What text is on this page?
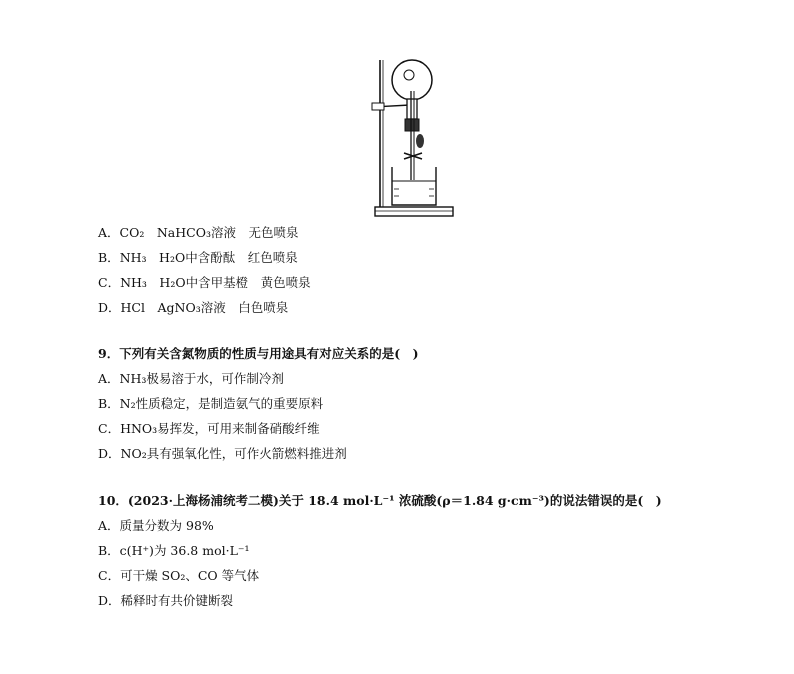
A．CO₂　NaHCO₃溶液　无色喷泉
B．NH₃　H₂O中含酚酞　红色喷泉
C．NH₃　H₂O中含甲基橙　黄色喷泉
D．HCl　AgNO₃溶液　白色喷泉
9．下列有关含氮物质的性质与用途具有对应关系的是(　)
A．NH₃极易溶于水，可作制冷剂
B．N₂性质稳定，是制造氨气的重要原料
C．HNO₃易挥发，可用来制备硝酸纤维
D．NO₂具有强氧化性，可作火箭燃料推进剂
10．(2023·上海杨浦统考二模)关于 18.4 mol·L⁻¹ 浓硫酸(ρ＝1.84 g·cm⁻³)的说法错误的是(　)
A．质量分数为 98%
B．c(H⁺)为 36.8 mol·L⁻¹
C．可干燥 SO₂、CO 等气体
D．稀释时有共价键断裂
